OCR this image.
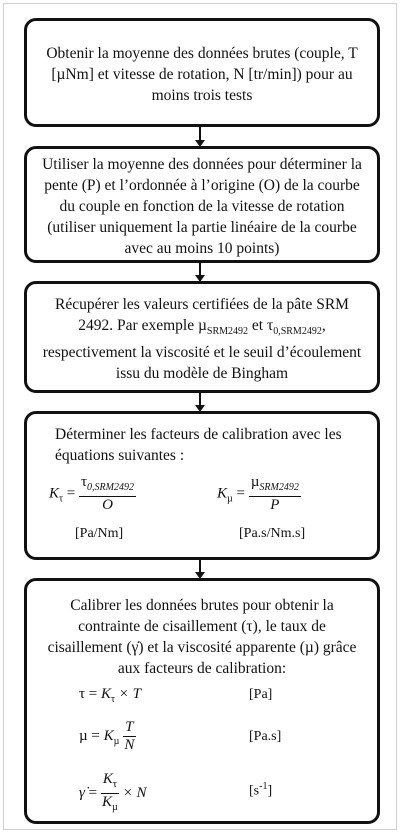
Obtenir la moyenne des données brutes (couple, T [µNm] et vitesse de rotation, N [tr/min]) pour au moins trois tests
Utiliser la moyenne des données pour déterminer la pente (P) et l’ordonnée à l’origine (O) de la courbe du couple en fonction de la vitesse de rotation (utiliser uniquement la partie linéaire de la courbe avec au moins 10 points)
Récupérer les valeurs certifiées de la pâte SRM 2492. Par exemple µ$_{SRM2492}$ et $\tau_{0,SRM2492}$, respectivement la viscosité et le seuil d’écoulement issu du modèle de Bingham
Déterminer les facteurs de calibration avec les équations suivantes :
$K_\tau = \frac{\tau_{0,SRM2492}}{O}$	$K_\mu = \frac{\mu_{SRM2492}}{P}$
[Pa/Nm]	[Pa.s/Nm.s]
Calibrer les données brutes pour obtenir la contrainte de cisaillement (τ), le taux de cisaillement (γ̇) et la viscosité apparente (µ) grâce aux facteurs de calibration:
$\tau = K_\tau \times T$	[Pa]
$\mu = K_\mu \frac{T}{N}$	[Pa.s]
γ̇ = $\frac{K_\tau}{K_\mu} \times N$	$[s^{-1}]$
